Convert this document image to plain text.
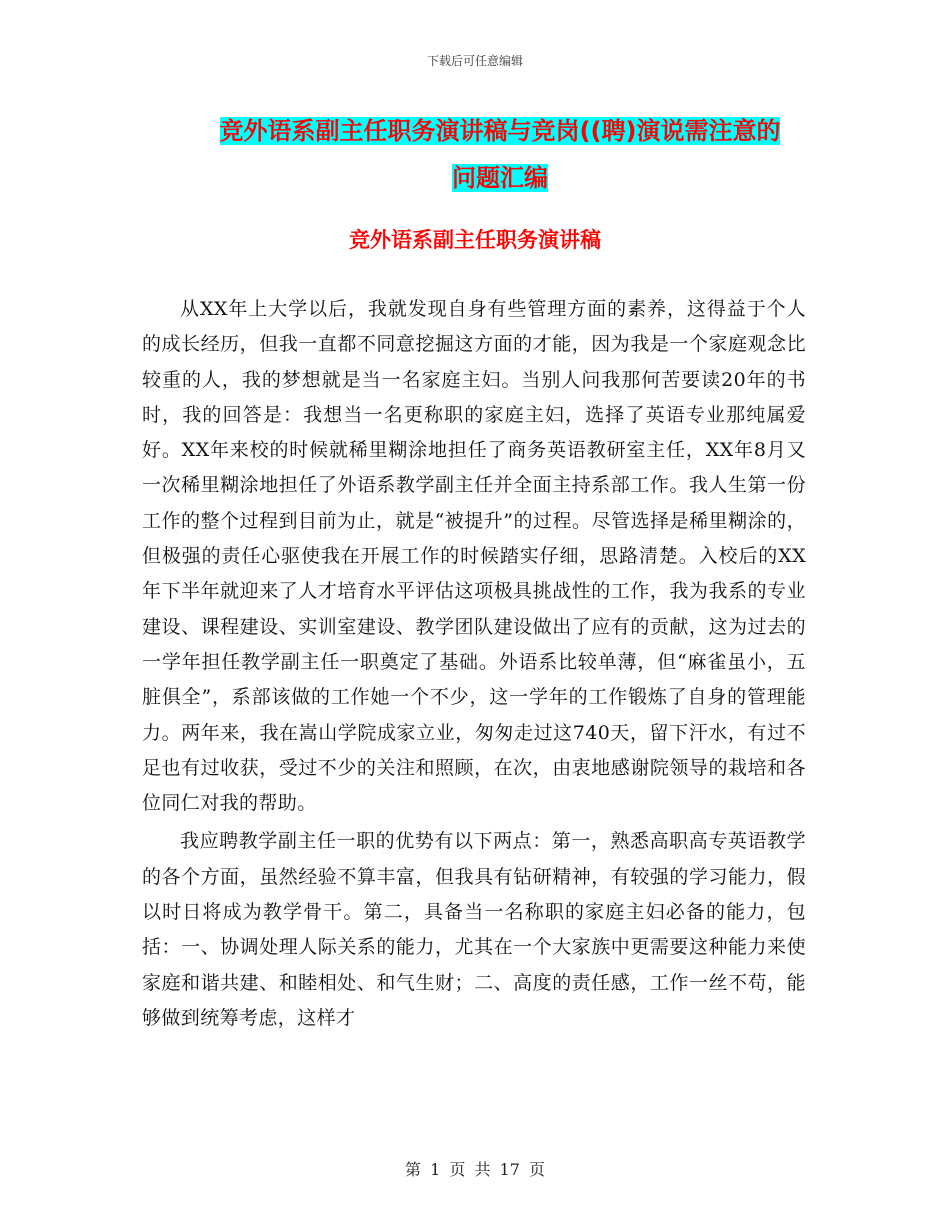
下载后可任意编辑
竞外语系副主任职务演讲稿与竞岗((聘)演说需注意的
问题汇编
竞外语系副主任职务演讲稿

从XX年上大学以后，我就发现自身有些管理方面的素养，这得益于个人的成长经历，但我一直都不同意挖掘这方面的才能，因为我是一个家庭观念比较重的人，我的梦想就是当一名家庭主妇。当别人问我那何苦要读20年的书时，我的回答是：我想当一名更称职的家庭主妇，选择了英语专业那纯属爱好。XX年来校的时候就稀里糊涂地担任了商务英语教研室主任，XX年8月又一次稀里糊涂地担任了外语系教学副主任并全面主持系部工作。我人生第一份工作的整个过程到目前为止，就是“被提升”的过程。尽管选择是稀里糊涂的，但极强的责任心驱使我在开展工作的时候踏实仔细，思路清楚。入校后的XX年下半年就迎来了人才培育水平评估这项极具挑战性的工作，我为我系的专业建设、课程建设、实训室建设、教学团队建设做出了应有的贡献，这为过去的一学年担任教学副主任一职奠定了基础。外语系比较单薄，但“麻雀虽小，五脏俱全”，系部该做的工作她一个不少，这一学年的工作锻炼了自身的管理能力。两年来，我在嵩山学院成家立业，匆匆走过这740天，留下汗水，有过不足也有过收获，受过不少的关注和照顾，在次，由衷地感谢院领导的栽培和各位同仁对我的帮助。

我应聘教学副主任一职的优势有以下两点：第一，熟悉高职高专英语教学的各个方面，虽然经验不算丰富，但我具有钻研精神，有较强的学习能力，假以时日将成为教学骨干。第二，具备当一名称职的家庭主妇必备的能力，包括：一、协调处理人际关系的能力，尤其在一个大家族中更需要这种能力来使家庭和谐共建、和睦相处、和气生财；二、高度的责任感，工作一丝不苟，能够做到统筹考虑，这样才

第 1 页 共 17 页
